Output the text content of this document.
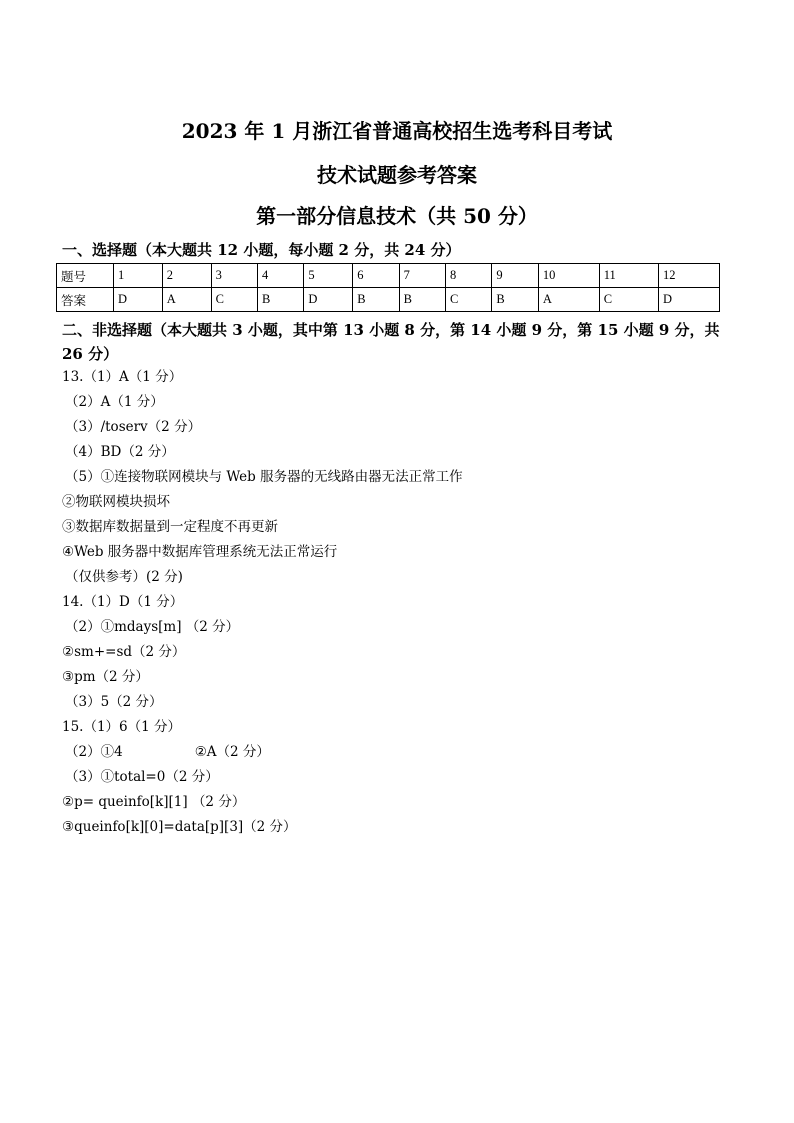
2023 年 1 月浙江省普通高校招生选考科目考试
技术试题参考答案
第一部分信息技术（共 50 分）
一、选择题（本大题共 12 小题，每小题 2 分，共 24 分）
题号	1	2	3	4	5	6	7	8	9	10	11	12
答案	D	A	C	B	D	B	B	C	B	A	C	D
二、非选择题（本大题共 3 小题，其中第 13 小题 8 分，第 14 小题 9 分，第 15 小题 9 分，共 26 分）
13.（1）A（1 分）
（2）A（1 分）
（3）/toserv（2 分）
（4）BD（2 分）
（5）①连接物联网模块与 Web 服务器的无线路由器无法正常工作
②物联网模块损坏
③数据库数据量到一定程度不再更新
④Web 服务器中数据库管理系统无法正常运行
（仅供参考）(2 分)
14.（1）D（1 分）
（2）①mdays[m] （2 分）
②sm+=sd（2 分）
③pm（2 分）
（3）5（2 分）
15.（1）6（1 分）
（2）①4	②A（2 分）
（3）①total=0（2 分）
②p= queinfo[k][1] （2 分）
③queinfo[k][0]=data[p][3]（2 分）
